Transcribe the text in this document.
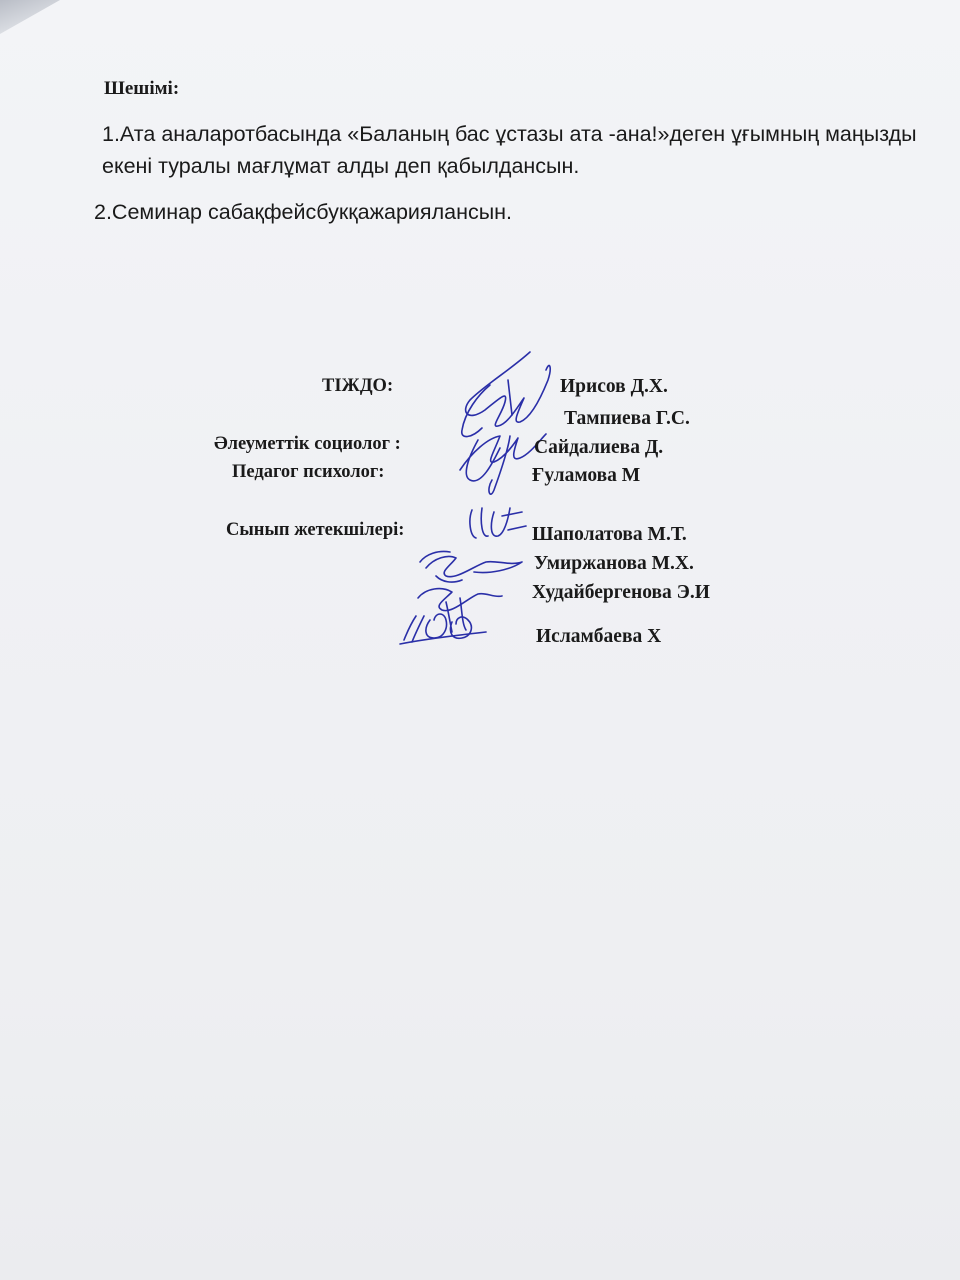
Шешімі:
1.Ата аналаротбасында «Баланың бас ұстазы ата -ана!»деген ұғымның маңызды екені туралы мағлұмат алды деп қабылдансын.
2.Семинар сабақфейсбукқажариялансын.
ТІЖДО:	Ирисов Д.Х.
Тампиева Г.С.
Әлеуметтік социолог :	Сайдалиева Д.
Педагог психолог:	Ғуламова М
Сынып жетекшілері:	Шаполатова М.Т.
Умиржанова М.Х.
Худайбергенова Э.И
Исламбаева Х
